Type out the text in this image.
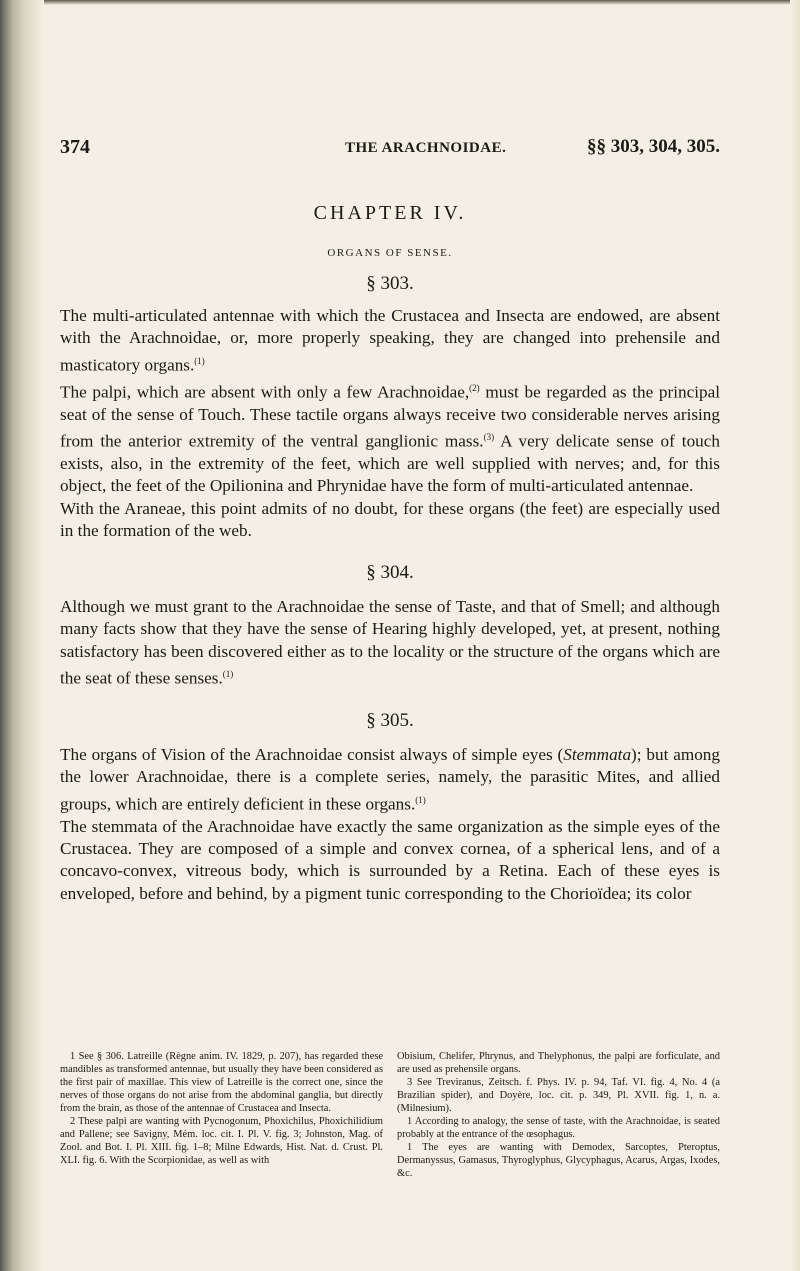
374	THE ARACHNOIDAE.	§§ 303, 304, 305.
CHAPTER IV.
ORGANS OF SENSE.
§ 303.

The multi-articulated antennae with which the Crustacea and Insecta are endowed, are absent with the Arachnoidae, or, more properly speaking, they are changed into prehensile and masticatory organs.$^{(1)}$

The palpi, which are absent with only a few Arachnoidae,$^{(2)}$ must be regarded as the principal seat of the sense of Touch. These tactile organs always receive two considerable nerves arising from the anterior extremity of the ventral ganglionic mass.$^{(3)}$ A very delicate sense of touch exists, also, in the extremity of the feet, which are well supplied with nerves; and, for this object, the feet of the Opilionina and Phrynidae have the form of multi-articulated antennae.

With the Araneae, this point admits of no doubt, for these organs (the feet) are especially used in the formation of the web.

§ 304.

Although we must grant to the Arachnoidae the sense of Taste, and that of Smell; and although many facts show that they have the sense of Hearing highly developed, yet, at present, nothing satisfactory has been discovered either as to the locality or the structure of the organs which are the seat of these senses.$^{(1)}$

§ 305.

The organs of Vision of the Arachnoidae consist always of simple eyes (Stemmata); but among the lower Arachnoidae, there is a complete series, namely, the parasitic Mites, and allied groups, which are entirely deficient in these organs.$^{(1)}$

The stemmata of the Arachnoidae have exactly the same organization as the simple eyes of the Crustacea. They are composed of a simple and convex cornea, of a spherical lens, and of a concavo-convex, vitreous body, which is surrounded by a Retina. Each of these eyes is enveloped, before and behind, by a pigment tunic corresponding to the Chorioïdea; its color

1 See § 306. Latreille (Règne anim. IV. 1829, p. 207), has regarded these mandibles as transformed antennae, but usually they have been considered as the first pair of maxillae. This view of Latreille is the correct one, since the nerves of those organs do not arise from the abdominal ganglia, but directly from the brain, as those of the antennae of Crustacea and Insecta.

2 These palpi are wanting with Pycnogonum, Phoxichilus, Phoxichilidium and Pallene; see Savigny, Mém. loc. cit. I. Pl. V. fig. 3; Johnston, Mag. of Zool. and Bot. I. Pl. XIII. fig. 1–8; Milne Edwards, Hist. Nat. d. Crust. Pl. XLI. fig. 6. With the Scorpionidae, as well as with

Obisium, Chelifer, Phrynus, and Thelyphonus, the palpi are forficulate, and are used as prehensile organs.

3 See Treviranus, Zeitsch. f. Phys. IV. p. 94, Taf. VI. fig. 4, No. 4 (a Brazilian spider), and Doyère, loc. cit. p. 349, Pl. XVII. fig. 1, n. a. (Milnesium).

1 According to analogy, the sense of taste, with the Arachnoidae, is seated probably at the entrance of the œsophagus.

1 The eyes are wanting with Demodex, Sarcoptes, Pteroptus, Dermanyssus, Gamasus, Thyroglyphus, Glycyphagus, Acarus, Argas, Ixodes, &c.
